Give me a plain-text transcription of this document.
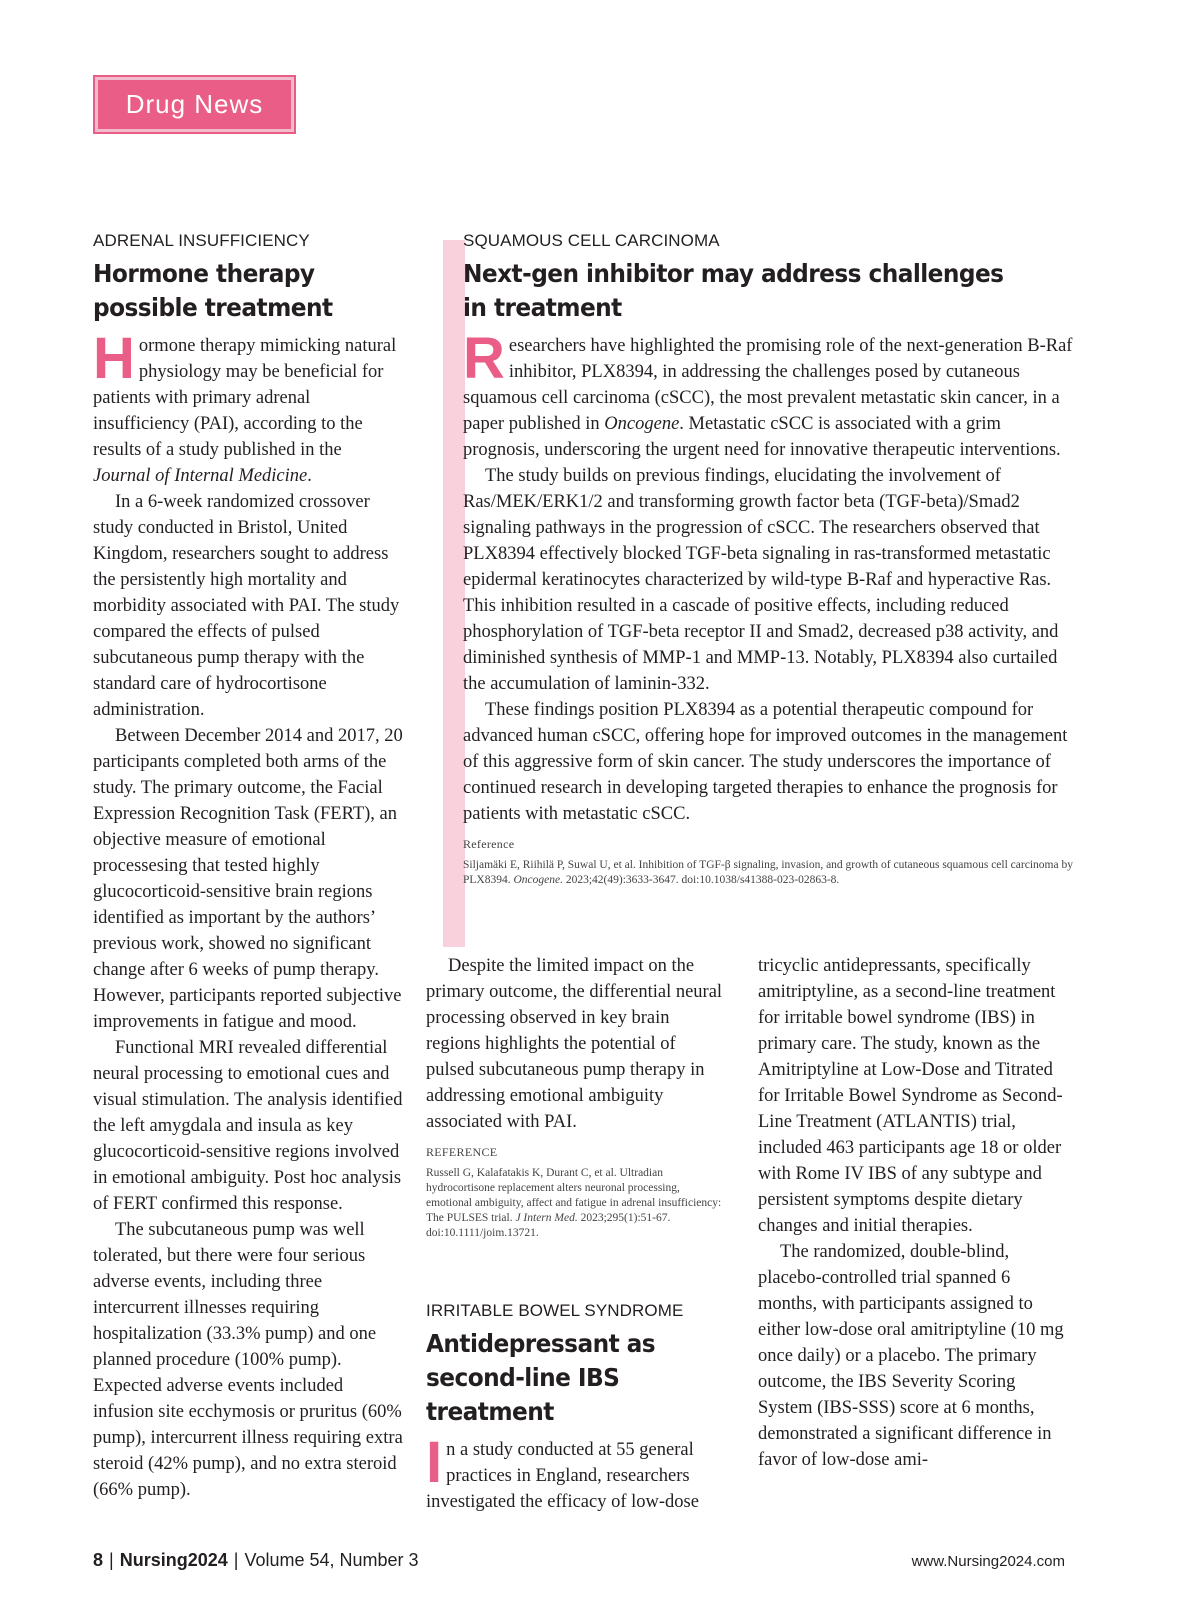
Drug News
ADRENAL INSUFFICIENCY
Hormone therapy possible treatment

Hormone therapy mimicking natural physiology may be beneficial for patients with primary adrenal insufficiency (PAI), according to the results of a study published in the Journal of Internal Medicine.

In a 6-week randomized crossover study conducted in Bristol, United Kingdom, researchers sought to address the persistently high mortality and morbidity associated with PAI. The study compared the effects of pulsed subcutaneous pump therapy with the standard care of hydrocortisone administration.

Between December 2014 and 2017, 20 participants completed both arms of the study. The primary outcome, the Facial Expression Recognition Task (FERT), an objective measure of emotional processesing that tested highly glucocorticoid-sensitive brain regions identified as important by the authors’ previous work, showed no significant change after 6 weeks of pump therapy. However, participants reported subjective improvements in fatigue and mood.

Functional MRI revealed differential neural processing to emotional cues and visual stimulation. The analysis identified the left amygdala and insula as key glucocorticoid-sensitive regions involved in emotional ambiguity. Post hoc analysis of FERT confirmed this response.

The subcutaneous pump was well tolerated, but there were four serious adverse events, including three intercurrent illnesses requiring hospitalization (33.3% pump) and one planned procedure (100% pump). Expected adverse events included infusion site ecchymosis or pruritus (60% pump), intercurrent illness requiring extra steroid (42% pump), and no extra steroid (66% pump).

Despite the limited impact on the primary outcome, the differential neural processing observed in key brain regions highlights the potential of pulsed subcutaneous pump therapy in addressing emotional ambiguity associated with PAI.

REFERENCE

Russell G, Kalafatakis K, Durant C, et al. Ultradian hydrocortisone replacement alters neuronal processing, emotional ambiguity, affect and fatigue in adrenal insufficiency: The PULSES trial. J Intern Med. 2023;295(1):51-67. doi:10.1111/joim.13721.

SQUAMOUS CELL CARCINOMA
Next-gen inhibitor may address challenges in treatment

Researchers have highlighted the promising role of the next-generation B-Raf inhibitor, PLX8394, in addressing the challenges posed by cutaneous squamous cell carcinoma (cSCC), the most prevalent metastatic skin cancer, in a paper published in Oncogene. Metastatic cSCC is associated with a grim prognosis, underscoring the urgent need for innovative therapeutic interventions.

The study builds on previous findings, elucidating the involvement of Ras/MEK/ERK1/2 and transforming growth factor beta (TGF-beta)/Smad2 signaling pathways in the progression of cSCC. The researchers observed that PLX8394 effectively blocked TGF-beta signaling in ras-transformed metastatic epidermal keratinocytes characterized by wild-type B-Raf and hyperactive Ras. This inhibition resulted in a cascade of positive effects, including reduced phosphorylation of TGF-beta receptor II and Smad2, decreased p38 activity, and diminished synthesis of MMP-1 and MMP-13. Notably, PLX8394 also curtailed the accumulation of laminin-332.

These findings position PLX8394 as a potential therapeutic compound for advanced human cSCC, offering hope for improved outcomes in the management of this aggressive form of skin cancer. The study underscores the importance of continued research in developing targeted therapies to enhance the prognosis for patients with metastatic cSCC.

Reference

Siljamäki E, Riihilä P, Suwal U, et al. Inhibition of TGF-β signaling, invasion, and growth of cutaneous squamous cell carcinoma by PLX8394. Oncogene. 2023;42(49):3633-3647. doi:10.1038/s41388-023-02863-8.

IRRITABLE BOWEL SYNDROME
Antidepressant as second-line IBS treatment

In a study conducted at 55 general practices in England, researchers investigated the efficacy of low-dose

tricyclic antidepressants, specifically amitriptyline, as a second-line treatment for irritable bowel syndrome (IBS) in primary care. The study, known as the Amitriptyline at Low-Dose and Titrated for Irritable Bowel Syndrome as Second-Line Treatment (ATLANTIS) trial, included 463 participants age 18 or older with Rome IV IBS of any subtype and persistent symptoms despite dietary changes and initial therapies.

The randomized, double-blind, placebo-controlled trial spanned 6 months, with participants assigned to either low-dose oral amitriptyline (10 mg once daily) or a placebo. The primary outcome, the IBS Severity Scoring System (IBS-SSS) score at 6 months, demonstrated a significant difference in favor of low-dose ami-

8 | Nursing2024 | Volume 54, Number 3	www.Nursing2024.com
